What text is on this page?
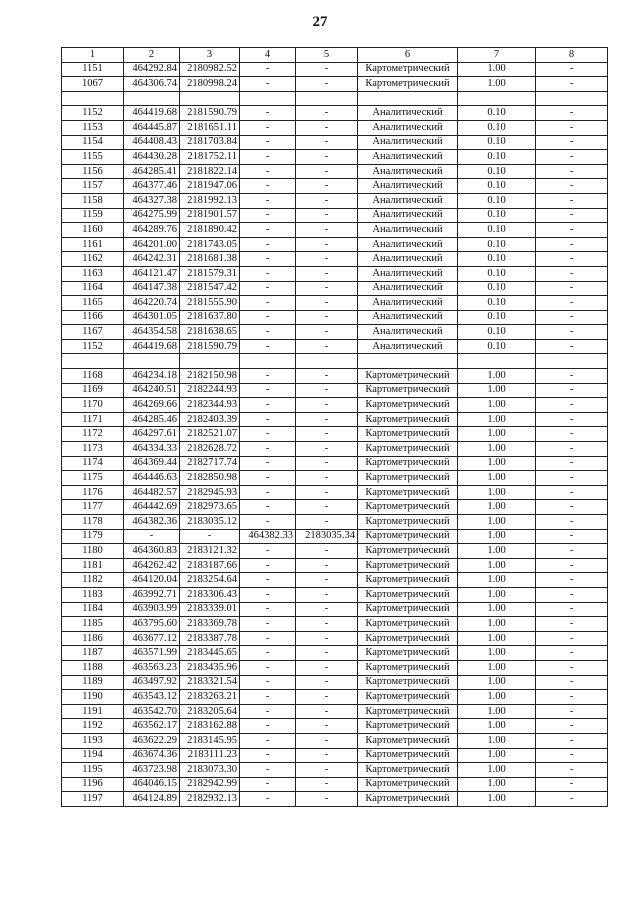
27
1	2	3	4	5	6	7	8
1151	464292.84	2180982.52	-	-	Картометрический	1.00	-
1067	464306.74	2180998.24	-	-	Картометрический	1.00	-

1152	464419.68	2181590.79	-	-	Аналитический	0.10	-
1153	464445.87	2181651.11	-	-	Аналитический	0.10	-
1154	464408.43	2181703.84	-	-	Аналитический	0.10	-
1155	464430.28	2181752.11	-	-	Аналитический	0.10	-
1156	464285.41	2181822.14	-	-	Аналитический	0.10	-
1157	464377.46	2181947.06	-	-	Аналитический	0.10	-
1158	464327.38	2181992.13	-	-	Аналитический	0.10	-
1159	464275.99	2181901.57	-	-	Аналитический	0.10	-
1160	464289.76	2181890.42	-	-	Аналитический	0.10	-
1161	464201.00	2181743.05	-	-	Аналитический	0.10	-
1162	464242.31	2181681.38	-	-	Аналитический	0.10	-
1163	464121.47	2181579.31	-	-	Аналитический	0.10	-
1164	464147.38	2181547.42	-	-	Аналитический	0.10	-
1165	464220.74	2181555.90	-	-	Аналитический	0.10	-
1166	464301.05	2181637.80	-	-	Аналитический	0.10	-
1167	464354.58	2181638.65	-	-	Аналитический	0.10	-
1152	464419.68	2181590.79	-	-	Аналитический	0.10	-

1168	464234.18	2182150.98	-	-	Картометрический	1.00	-
1169	464240.51	2182244.93	-	-	Картометрический	1.00	-
1170	464269.66	2182344.93	-	-	Картометрический	1.00	-
1171	464285.46	2182403.39	-	-	Картометрический	1.00	-
1172	464297.61	2182521.07	-	-	Картометрический	1.00	-
1173	464334.33	2182628.72	-	-	Картометрический	1.00	-
1174	464369.44	2182717.74	-	-	Картометрический	1.00	-
1175	464446.63	2182850.98	-	-	Картометрический	1.00	-
1176	464482.57	2182945.93	-	-	Картометрический	1.00	-
1177	464442.69	2182973.65	-	-	Картометрический	1.00	-
1178	464382.36	2183035.12	-	-	Картометрический	1.00	-
1179	-	-	464382.33	2183035.34	Картометрический	1.00	-
1180	464360.83	2183121.32	-	-	Картометрический	1.00	-
1181	464262.42	2183187.66	-	-	Картометрический	1.00	-
1182	464120.04	2183254.64	-	-	Картометрический	1.00	-
1183	463992.71	2183306.43	-	-	Картометрический	1.00	-
1184	463903.99	2183339.01	-	-	Картометрический	1.00	-
1185	463795.60	2183369.78	-	-	Картометрический	1.00	-
1186	463677.12	2183387.78	-	-	Картометрический	1.00	-
1187	463571.99	2183445.65	-	-	Картометрический	1.00	-
1188	463563.23	2183435.96	-	-	Картометрический	1.00	-
1189	463497.92	2183321.54	-	-	Картометрический	1.00	-
1190	463543.12	2183263.21	-	-	Картометрический	1.00	-
1191	463542.70	2183205.64	-	-	Картометрический	1.00	-
1192	463562.17	2183162.88	-	-	Картометрический	1.00	-
1193	463622.29	2183145.95	-	-	Картометрический	1.00	-
1194	463674.36	2183111.23	-	-	Картометрический	1.00	-
1195	463723.98	2183073.30	-	-	Картометрический	1.00	-
1196	464046.15	2182942.99	-	-	Картометрический	1.00	-
1197	464124.89	2182932.13	-	-	Картометрический	1.00	-
